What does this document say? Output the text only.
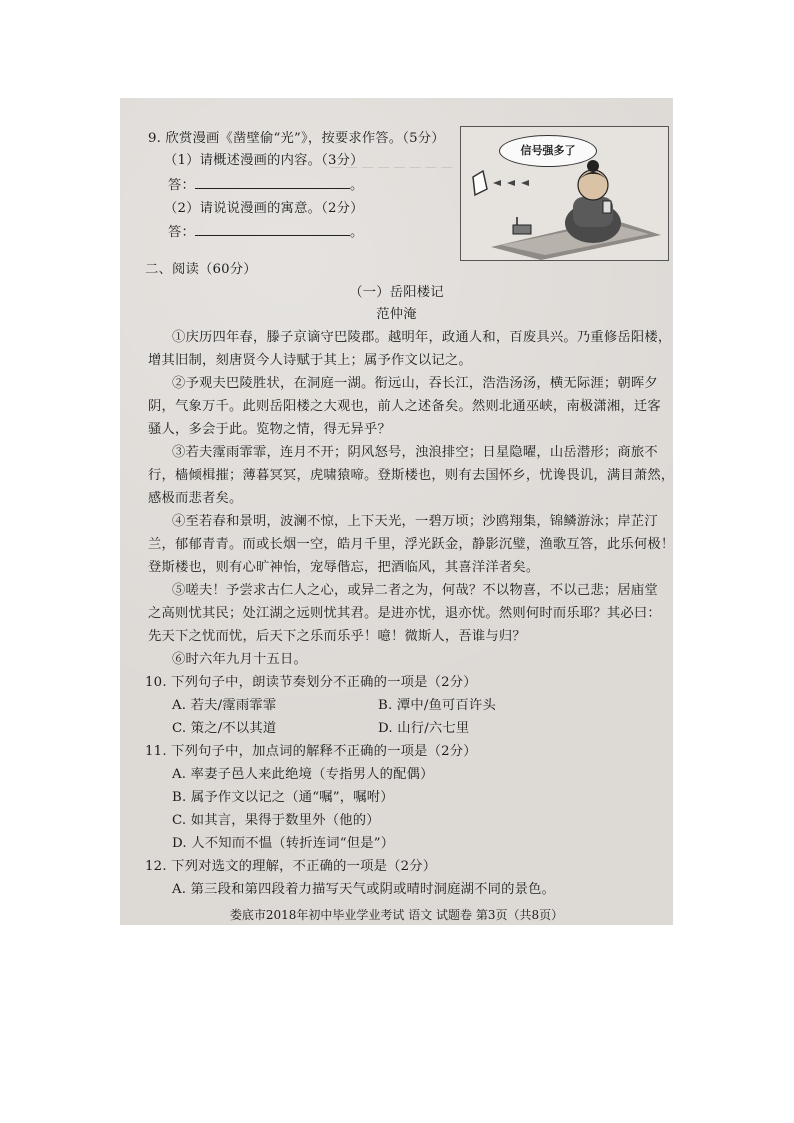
— — — — — — — —
9. 欣赏漫画《凿壁偷“光”》，按要求作答。（5分）
（1）请概述漫画的内容。（3分）
答：	。
（2）请说说漫画的寓意。（2分）
答：	。
信号强多了
二、阅读（60分）
（一）岳阳楼记
范仲淹
①庆历四年春，滕子京谪守巴陵郡。越明年，政通人和，百废具兴。乃重修岳阳楼，
增其旧制，刻唐贤今人诗赋于其上；属予作文以记之。
②予观夫巴陵胜状，在洞庭一湖。衔远山，吞长江，浩浩汤汤，横无际涯；朝晖夕
阴，气象万千。此则岳阳楼之大观也，前人之述备矣。然则北通巫峡，南极潇湘，迁客
骚人，多会于此。览物之情，得无异乎？
③若夫霪雨霏霏，连月不开；阴风怒号，浊浪排空；日星隐曜，山岳潜形；商旅不
行，樯倾楫摧；薄暮冥冥，虎啸猿啼。登斯楼也，则有去国怀乡，忧谗畏讥，满目萧然，
感极而悲者矣。
④至若春和景明，波澜不惊，上下天光，一碧万顷；沙鸥翔集，锦鳞游泳；岸芷汀
兰，郁郁青青。而或长烟一空，皓月千里，浮光跃金，静影沉璧，渔歌互答，此乐何极！
登斯楼也，则有心旷神怡，宠辱偕忘，把酒临风，其喜洋洋者矣。
⑤嗟夫！予尝求古仁人之心，或异二者之为，何哉？不以物喜，不以己悲；居庙堂
之高则忧其民；处江湖之远则忧其君。是进亦忧，退亦忧。然则何时而乐耶？其必曰：
先天下之忧而忧，后天下之乐而乐乎！噫！微斯人，吾谁与归？
⑥时六年九月十五日。
10. 下列句子中，朗读节奏划分不正确的一项是（2分）
A. 若夫/霪雨霏霏	B. 潭中/鱼可百许头
C. 策之/不以其道	D. 山行/六七里
11. 下列句子中，加点词的解释不正确的一项是（2分）
A. 率妻子邑人来此绝境（专指男人的配偶）
B. 属予作文以记之（通“嘱”，嘱咐）
C. 如其言，果得于数里外（他的）
D. 人不知而不愠（转折连词“但是”）
12. 下列对选文的理解，不正确的一项是（2分）
A. 第三段和第四段着力描写天气或阴或晴时洞庭湖不同的景色。
娄底市2018年初中毕业学业考试 语文 试题卷 第3页（共8页）
